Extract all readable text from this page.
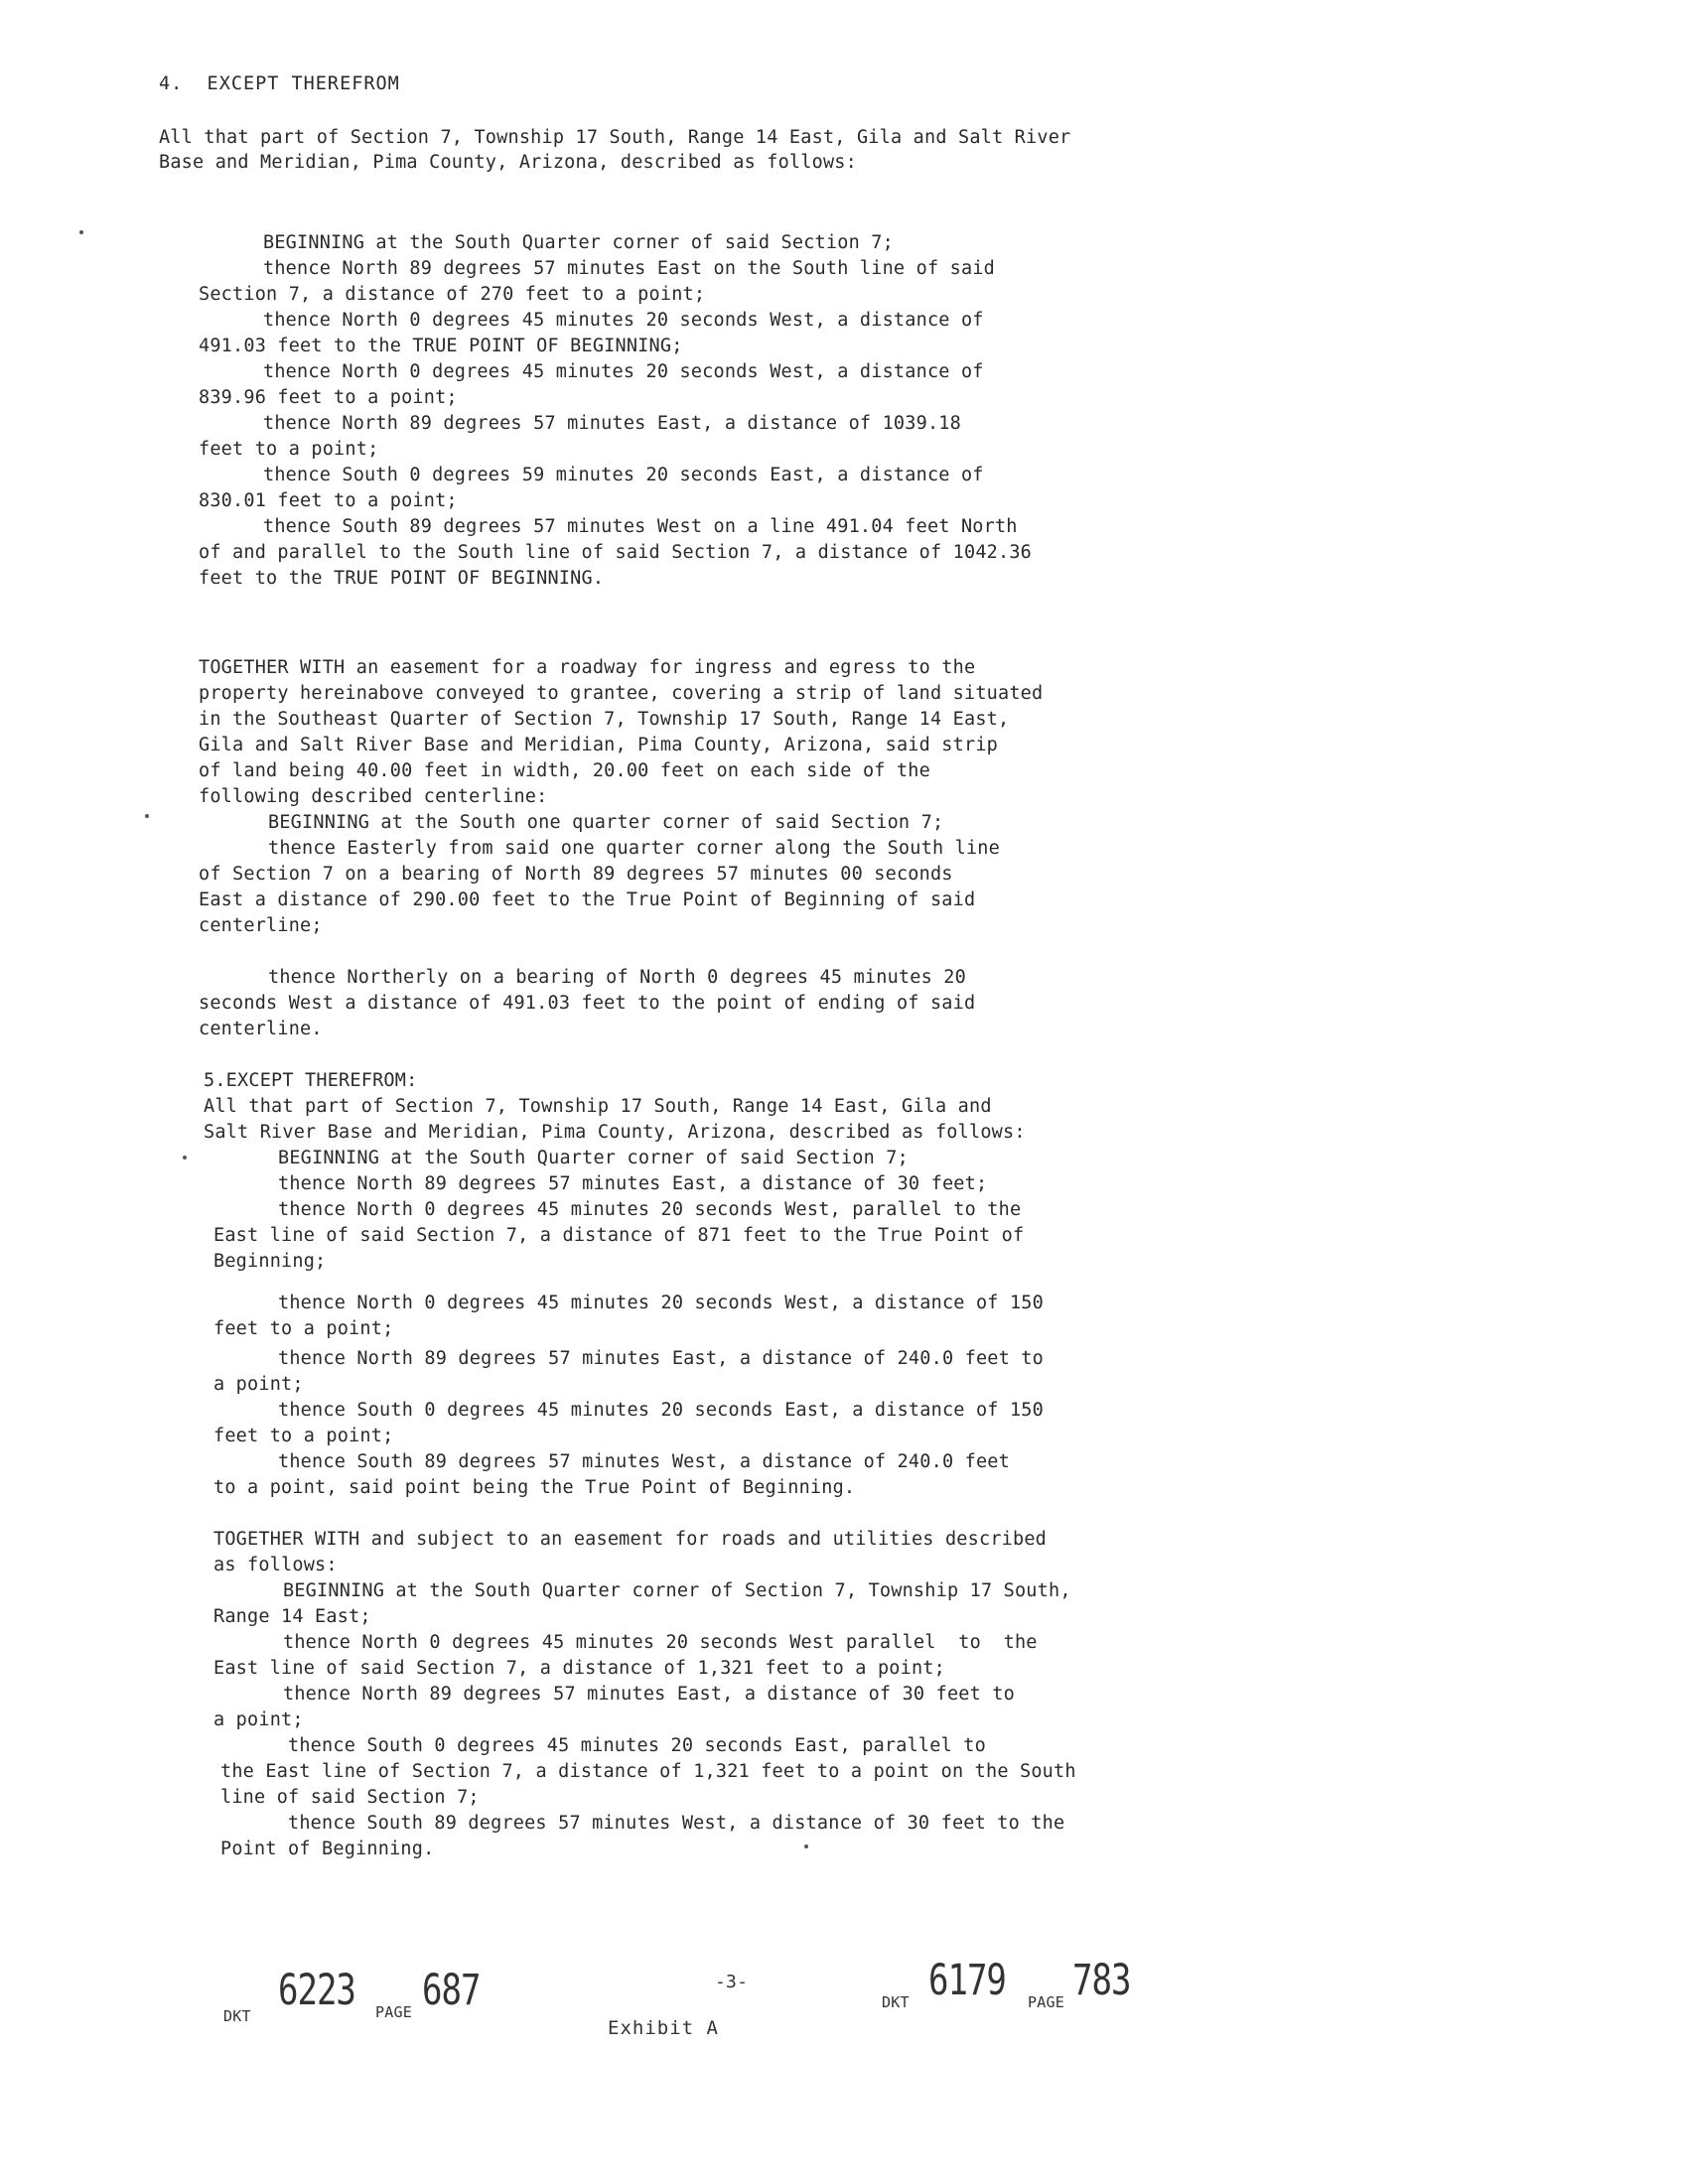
4.  EXCEPT THEREFROM
All that part of Section 7, Township 17 South, Range 14 East, Gila and Salt River
Base and Meridian, Pima County, Arizona, described as follows:
BEGINNING at the South Quarter corner of said Section 7;
thence North 89 degrees 57 minutes East on the South line of said
Section 7, a distance of 270 feet to a point;
thence North 0 degrees 45 minutes 20 seconds West, a distance of
491.03 feet to the TRUE POINT OF BEGINNING;
thence North 0 degrees 45 minutes 20 seconds West, a distance of
839.96 feet to a point;
thence North 89 degrees 57 minutes East, a distance of 1039.18
feet to a point;
thence South 0 degrees 59 minutes 20 seconds East, a distance of
830.01 feet to a point;
thence South 89 degrees 57 minutes West on a line 491.04 feet North
of and parallel to the South line of said Section 7, a distance of 1042.36
feet to the TRUE POINT OF BEGINNING.
TOGETHER WITH an easement for a roadway for ingress and egress to the
property hereinabove conveyed to grantee, covering a strip of land situated
in the Southeast Quarter of Section 7, Township 17 South, Range 14 East,
Gila and Salt River Base and Meridian, Pima County, Arizona, said strip
of land being 40.00 feet in width, 20.00 feet on each side of the
following described centerline:
BEGINNING at the South one quarter corner of said Section 7;
thence Easterly from said one quarter corner along the South line
of Section 7 on a bearing of North 89 degrees 57 minutes 00 seconds
East a distance of 290.00 feet to the True Point of Beginning of said
centerline;
thence Northerly on a bearing of North 0 degrees 45 minutes 20
seconds West a distance of 491.03 feet to the point of ending of said
centerline.
5.EXCEPT THEREFROM:
All that part of Section 7, Township 17 South, Range 14 East, Gila and
Salt River Base and Meridian, Pima County, Arizona, described as follows:
BEGINNING at the South Quarter corner of said Section 7;
thence North 89 degrees 57 minutes East, a distance of 30 feet;
thence North 0 degrees 45 minutes 20 seconds West, parallel to the
East line of said Section 7, a distance of 871 feet to the True Point of
Beginning;
thence North 0 degrees 45 minutes 20 seconds West, a distance of 150
feet to a point;
thence North 89 degrees 57 minutes East, a distance of 240.0 feet to
a point;
thence South 0 degrees 45 minutes 20 seconds East, a distance of 150
feet to a point;
thence South 89 degrees 57 minutes West, a distance of 240.0 feet
to a point, said point being the True Point of Beginning.
TOGETHER WITH and subject to an easement for roads and utilities described
as follows:
BEGINNING at the South Quarter corner of Section 7, Township 17 South,
Range 14 East;
thence North 0 degrees 45 minutes 20 seconds West parallel  to  the
East line of said Section 7, a distance of 1,321 feet to a point;
thence North 89 degrees 57 minutes East, a distance of 30 feet to
a point;
thence South 0 degrees 45 minutes 20 seconds East, parallel to
the East line of Section 7, a distance of 1,321 feet to a point on the South
line of said Section 7;
thence South 89 degrees 57 minutes West, a distance of 30 feet to the
Point of Beginning.
DKT
6223 PAGE 687	-3-
Exhibit A
DKT 6179 PAGE 783
